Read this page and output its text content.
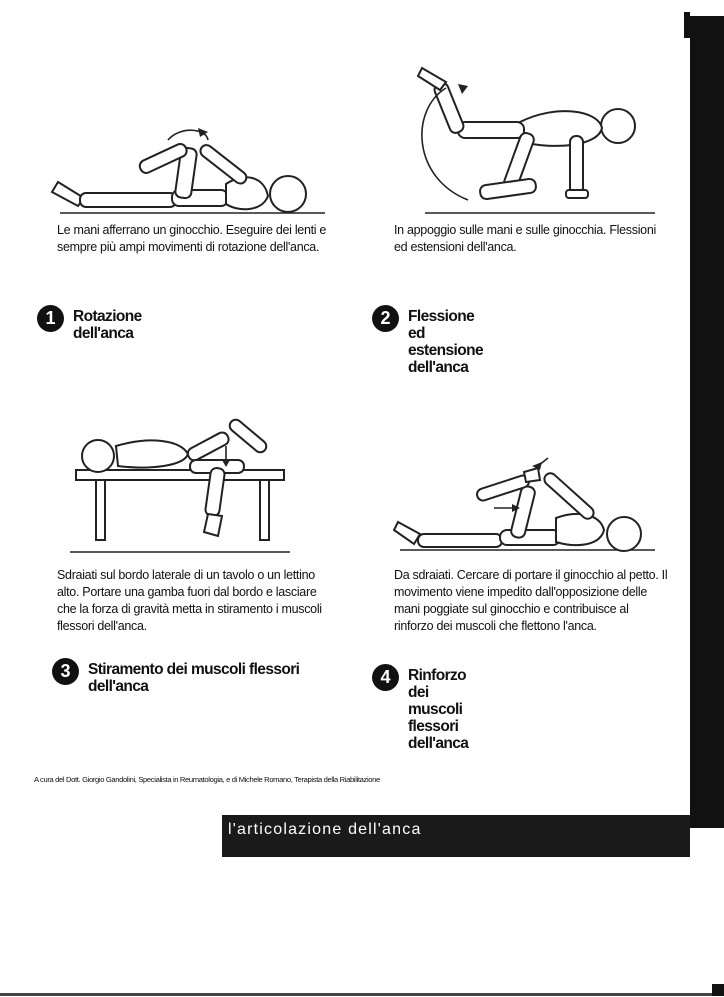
Le mani afferrano un ginocchio. Eseguire dei lenti e sempre più ampi movimenti di rotazione dell'anca.

1	Rotazione dell'anca

In appoggio sulle mani e sulle ginocchia. Flessioni ed estensioni dell'anca.

2	Flessione ed estensione dell'anca

Sdraiati sul bordo laterale di un tavolo o un lettino alto. Portare una gamba fuori dal bordo e lasciare che la forza di gravità metta in stiramento i muscoli flessori dell'anca.

3	Stiramento dei muscoli flessori dell'anca

Da sdraiati. Cercare di portare il ginocchio al petto. Il movimento viene impedito dall'opposizione delle mani poggiate sul ginocchio e contribuisce al rinforzo dei muscoli che flettono l'anca.

4	Rinforzo dei muscoli flessori dell'anca

A cura del Dott. Giorgio Gandolini, Specialista in Reumatologia, e di Michele Romano, Terapista della Riabilitazione

l'articolazione dell'anca
